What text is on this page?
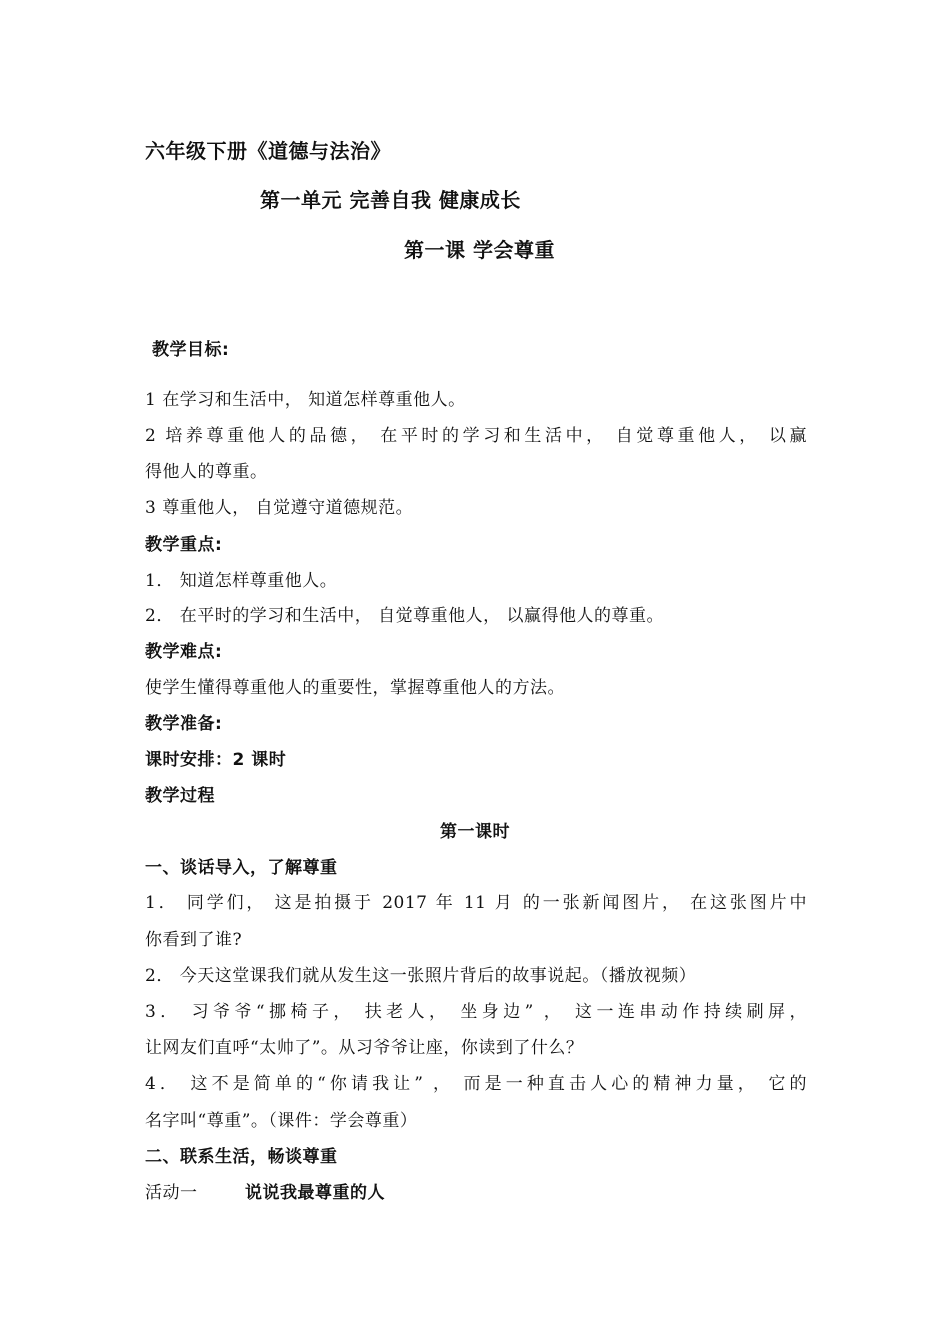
六年级下册《道德与法治》
第一单元 完善自我 健康成长
第一课 学会尊重
教学目标:
1 在学习和生活中， 知道怎样尊重他人。
2 培养尊重他人的品德， 在平时的学习和生活中， 自觉尊重他人， 以赢
得他人的尊重。
3 尊重他人， 自觉遵守道德规范。
教学重点:
1． 知道怎样尊重他人。
2． 在平时的学习和生活中， 自觉尊重他人， 以赢得他人的尊重。
教学难点:
使学生懂得尊重他人的重要性，掌握尊重他人的方法。
教学准备:
课时安排：2 课时
教学过程
第一课时
一、谈话导入，了解尊重
1． 同学们， 这是拍摄于 2017 年 11 月 的一张新闻图片， 在这张图片中
你看到了谁?
2． 今天这堂课我们就从发生这一张照片背后的故事说起。（播放视频）
3． 习爷爷“挪椅子， 扶老人， 坐身边” ， 这一连串动作持续刷屏，
让网友们直呼“太帅了”。从习爷爷让座，你读到了什么？
4． 这不是简单的“你请我让” ， 而是一种直击人心的精神力量， 它的
名字叫“尊重”。（课件：学会尊重）
二、联系生活，畅谈尊重
活动一	说说我最尊重的人
